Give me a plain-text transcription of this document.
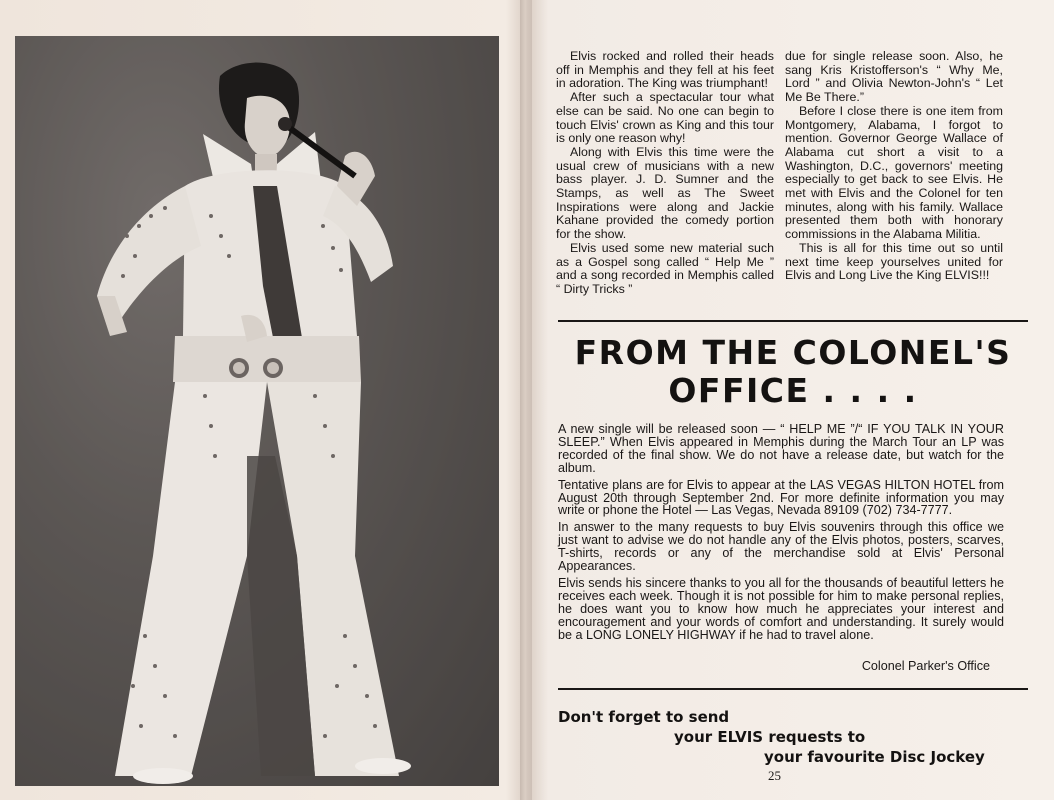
Elvis rocked and rolled their heads off in Memphis and they fell at his feet in adoration. The King was triumphant!

After such a spectacular tour what else can be said. No one can begin to touch Elvis' crown as King and this tour is only one reason why!

Along with Elvis this time were the usual crew of musicians with a new bass player. J. D. Sumner and the Stamps, as well as The Sweet Inspirations were along and Jackie Kahane provided the comedy portion for the show.

Elvis used some new material such as a Gospel song called “ Help Me ” and a song recorded in Memphis called “ Dirty Tricks ”

due for single release soon. Also, he sang Kris Kristofferson's “ Why Me, Lord ” and Olivia Newton-John's “ Let Me Be There.”

Before I close there is one item from Montgomery, Alabama, I forgot to mention. Governor George Wallace of Alabama cut short a visit to a Washington, D.C., governors' meeting especially to get back to see Elvis. He met with Elvis and the Colonel for ten minutes, along with his family. Wallace presented them both with honorary commissions in the Alabama Militia.

This is all for this time out so until next time keep yourselves united for Elvis and Long Live the King ELVIS!!!

FROM THE COLONEL'S
OFFICE . . . .

A new single will be released soon — “ HELP ME ”/“ IF YOU TALK IN YOUR SLEEP.” When Elvis appeared in Memphis during the March Tour an LP was recorded of the final show. We do not have a release date, but watch for the album.

Tentative plans are for Elvis to appear at the LAS VEGAS HILTON HOTEL from August 20th through September 2nd. For more definite information you may write or phone the Hotel — Las Vegas, Nevada 89109 (702) 734-7777.

In answer to the many requests to buy Elvis souvenirs through this office we just want to advise we do not handle any of the Elvis photos, posters, scarves, T-shirts, records or any of the merchandise sold at Elvis' Personal Appearances.

Elvis sends his sincere thanks to you all for the thousands of beautiful letters he receives each week. Though it is not possible for him to make personal replies, he does want you to know how much he appreciates your interest and encouragement and your words of comfort and understanding. It surely would be a LONG LONELY HIGHWAY if he had to travel alone.

Colonel Parker's Office
Don't forget to send
your ELVIS requests to
your favourite Disc Jockey
25
